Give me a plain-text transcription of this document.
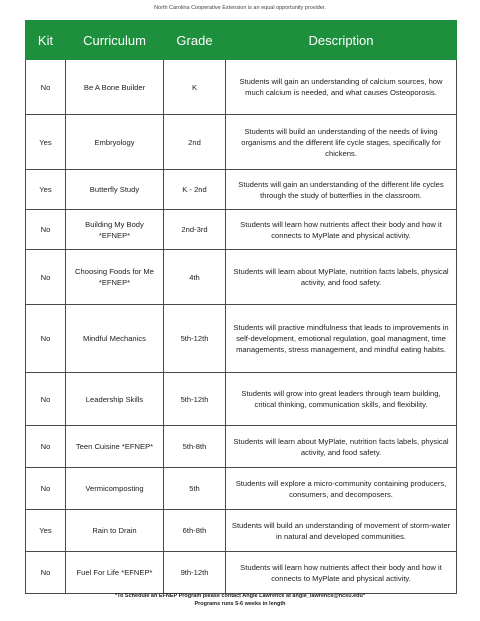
North Carolina Cooperative Extension is an equal opportunity provider.
Kit	Curriculum	Grade	Description
No	Be A Bone Builder	K	Students will gain an understanding of calcium sources, how much calcium is needed, and what causes Osteoporosis.
Yes	Embryology	2nd	Students will build an understanding of the needs of living organisms and the different life cycle stages, specifically for chickens.
Yes	Butterfly Study	K - 2nd	Students will gain an understanding of the different life cycles through the study of butterflies in the classroom.
No	Building My Body *EFNEP*	2nd-3rd	Students will learn how nutrients affect their body and how it connects to MyPlate and physical activity.
No	Choosing Foods for Me *EFNEP*	4th	Students will learn about MyPlate, nutrition facts labels, physical activity, and food safety.
No	Mindful Mechanics	5th-12th	Students will practive mindfulness that leads to improvements in self-development, emotional regulation, goal managment, time managements, stress management, and mindful eating habits.
No	Leadership Skills	5th-12th	Students will grow into great leaders through team building, critical thinking, communication skills, and flexibility.
No	Teen Cuisine *EFNEP*	5th-8th	Students will learn about MyPlate, nutrition facts labels, physical activity, and food safety.
No	Vermicomposting	5th	Students will explore a micro-community containing producers, consumers, and decomposers.
Yes	Rain to Drain	6th-8th	Students will build an understanding of movement of storm-water in natural and developed communities.
No	Fuel For Life *EFNEP*	9th-12th	Students will learn how nutrients affect their body and how it connects to MyPlate and physical activity.
*To Schedule an EFNEP Program please contact Angie Lawrence at angie_lawrence@ncsu.edu*
Programs runs 5-6 weeks in length
